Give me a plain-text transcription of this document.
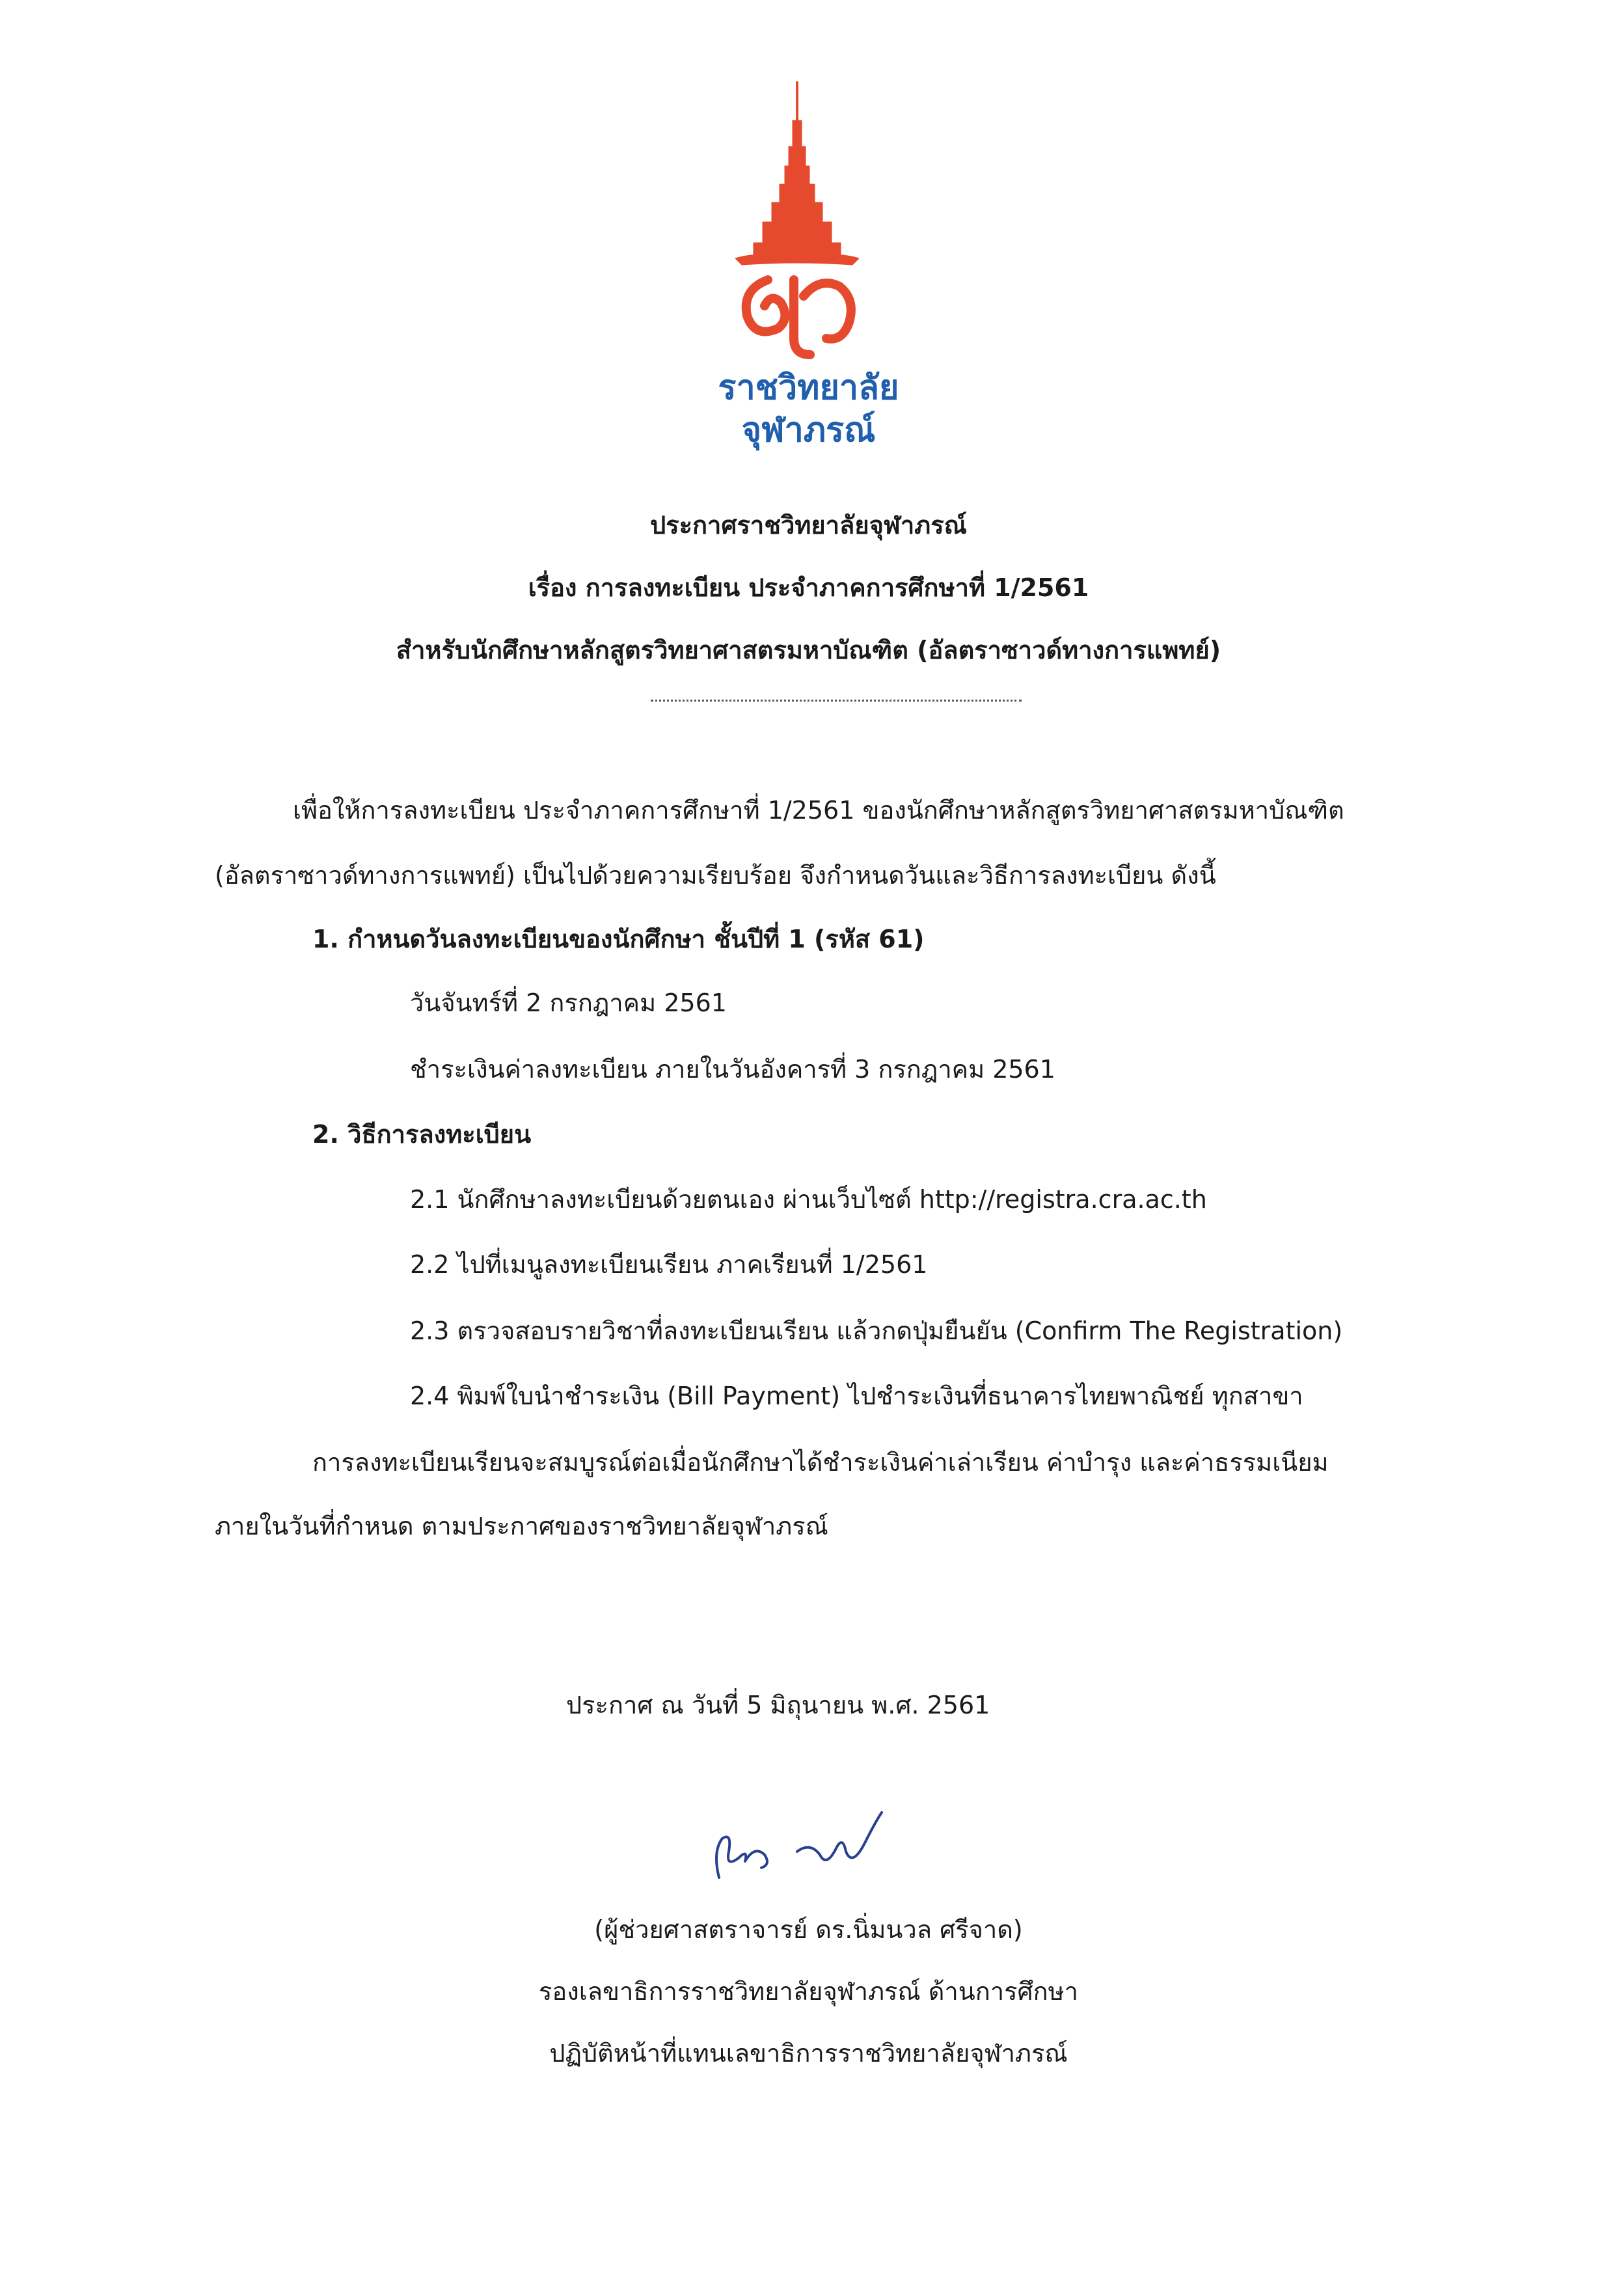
ราชวิทยาลัย
จุฬาภรณ์
ประกาศราชวิทยาลัยจุฬาภรณ์
เรื่อง การลงทะเบียน ประจำภาคการศึกษาที่ 1/2561
สำหรับนักศึกษาหลักสูตรวิทยาศาสตรมหาบัณฑิต (อัลตราซาวด์ทางการแพทย์)
เพื่อให้การลงทะเบียน ประจำภาคการศึกษาที่ 1/2561 ของนักศึกษาหลักสูตรวิทยาศาสตรมหาบัณฑิต
(อัลตราซาวด์ทางการแพทย์) เป็นไปด้วยความเรียบร้อย จึงกำหนดวันและวิธีการลงทะเบียน ดังนี้
1. กำหนดวันลงทะเบียนของนักศึกษา ชั้นปีที่ 1 (รหัส 61)
วันจันทร์ที่ 2 กรกฎาคม 2561
ชำระเงินค่าลงทะเบียน ภายในวันอังคารที่ 3 กรกฎาคม 2561
2. วิธีการลงทะเบียน
2.1 นักศึกษาลงทะเบียนด้วยตนเอง ผ่านเว็บไซต์ http://registra.cra.ac.th
2.2 ไปที่เมนูลงทะเบียนเรียน ภาคเรียนที่ 1/2561
2.3 ตรวจสอบรายวิชาที่ลงทะเบียนเรียน แล้วกดปุ่มยืนยัน (Confirm The Registration)
2.4 พิมพ์ใบนำชำระเงิน (Bill Payment) ไปชำระเงินที่ธนาคารไทยพาณิชย์ ทุกสาขา
การลงทะเบียนเรียนจะสมบูรณ์ต่อเมื่อนักศึกษาได้ชำระเงินค่าเล่าเรียน ค่าบำรุง และค่าธรรมเนียม
ภายในวันที่กำหนด ตามประกาศของราชวิทยาลัยจุฬาภรณ์
ประกาศ ณ วันที่ 5 มิถุนายน พ.ศ. 2561
(ผู้ช่วยศาสตราจารย์ ดร.นิ่มนวล ศรีจาด)
รองเลขาธิการราชวิทยาลัยจุฬาภรณ์ ด้านการศึกษา
ปฏิบัติหน้าที่แทนเลขาธิการราชวิทยาลัยจุฬาภรณ์
